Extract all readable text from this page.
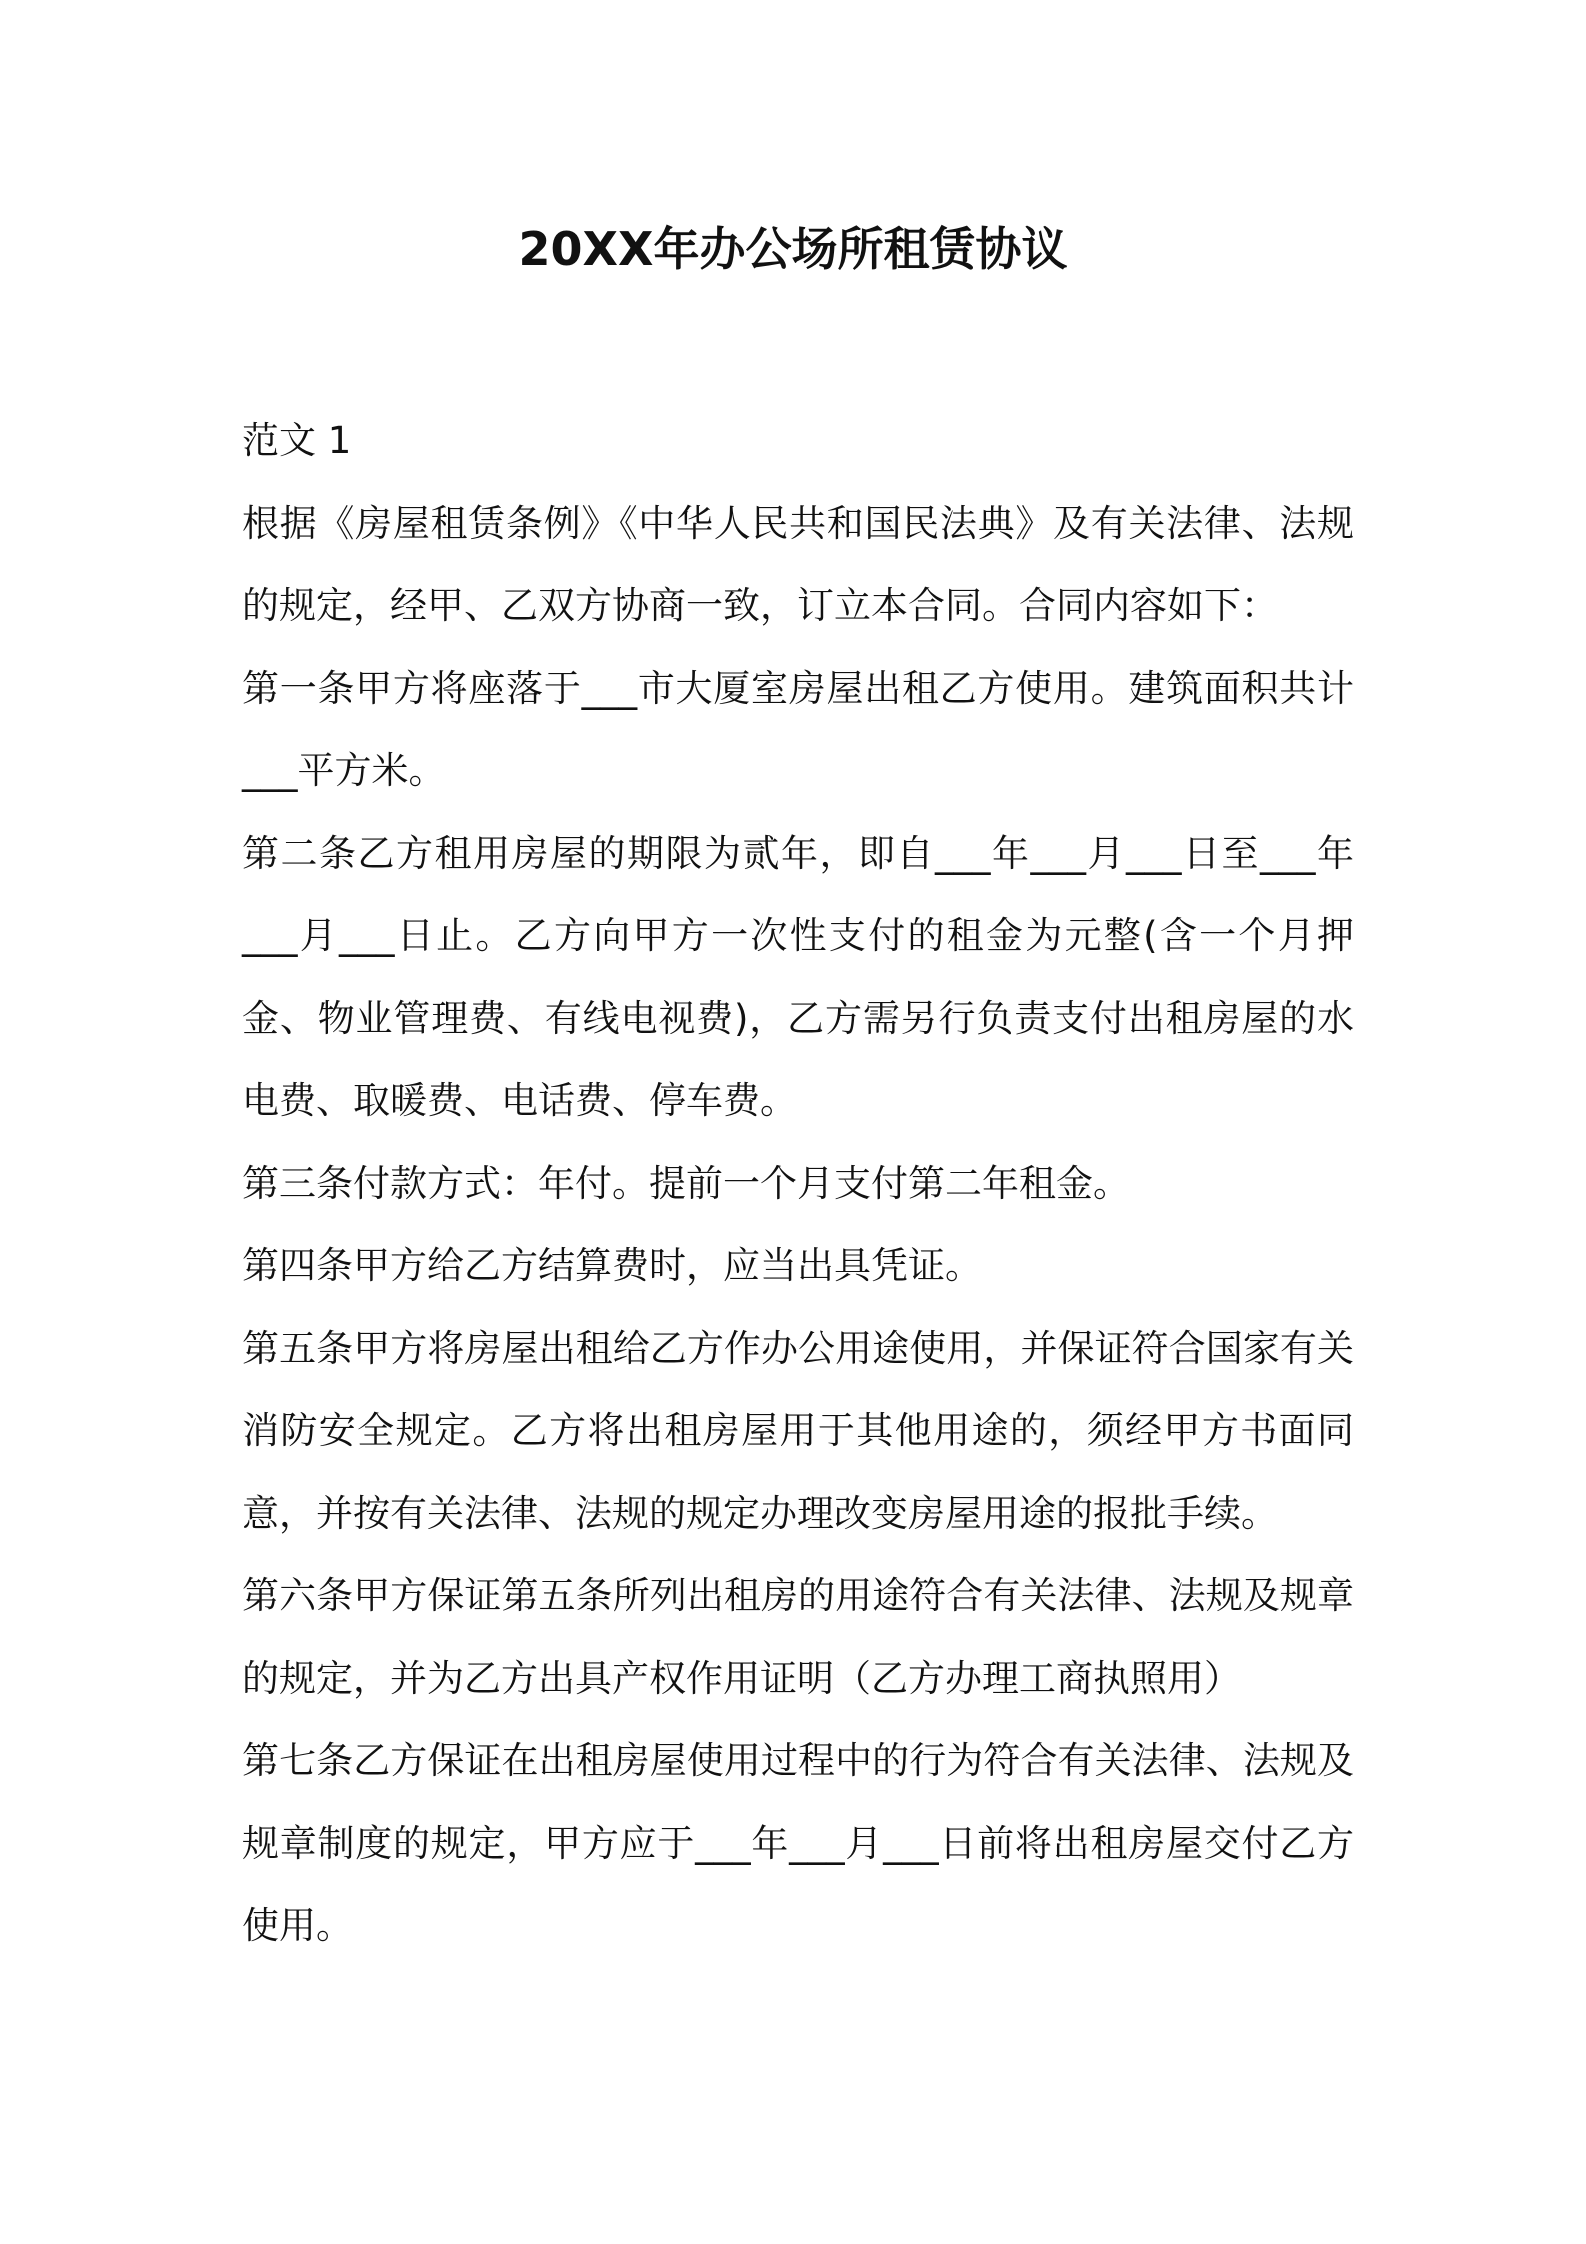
20XX年办公场所租赁协议

范文 1

根据《房屋租赁条例》《中华人民共和国民法典》及有关法律、法规的规定，经甲、乙双方协商一致，订立本合同。合同内容如下：

第一条甲方将座落于___市大厦室房屋出租乙方使用。建筑面积共计___平方米。

第二条乙方租用房屋的期限为贰年，即自___年___月___日至___年___月___日止。乙方向甲方一次性支付的租金为元整(含一个月押金、物业管理费、有线电视费)，乙方需另行负责支付出租房屋的水电费、取暖费、电话费、停车费。

第三条付款方式：年付。提前一个月支付第二年租金。

第四条甲方给乙方结算费时，应当出具凭证。

第五条甲方将房屋出租给乙方作办公用途使用，并保证符合国家有关消防安全规定。乙方将出租房屋用于其他用途的，须经甲方书面同意，并按有关法律、法规的规定办理改变房屋用途的报批手续。

第六条甲方保证第五条所列出租房的用途符合有关法律、法规及规章的规定，并为乙方出具产权作用证明（乙方办理工商执照用）

第七条乙方保证在出租房屋使用过程中的行为符合有关法律、法规及规章制度的规定，甲方应于___年___月___日前将出租房屋交付乙方使用。
